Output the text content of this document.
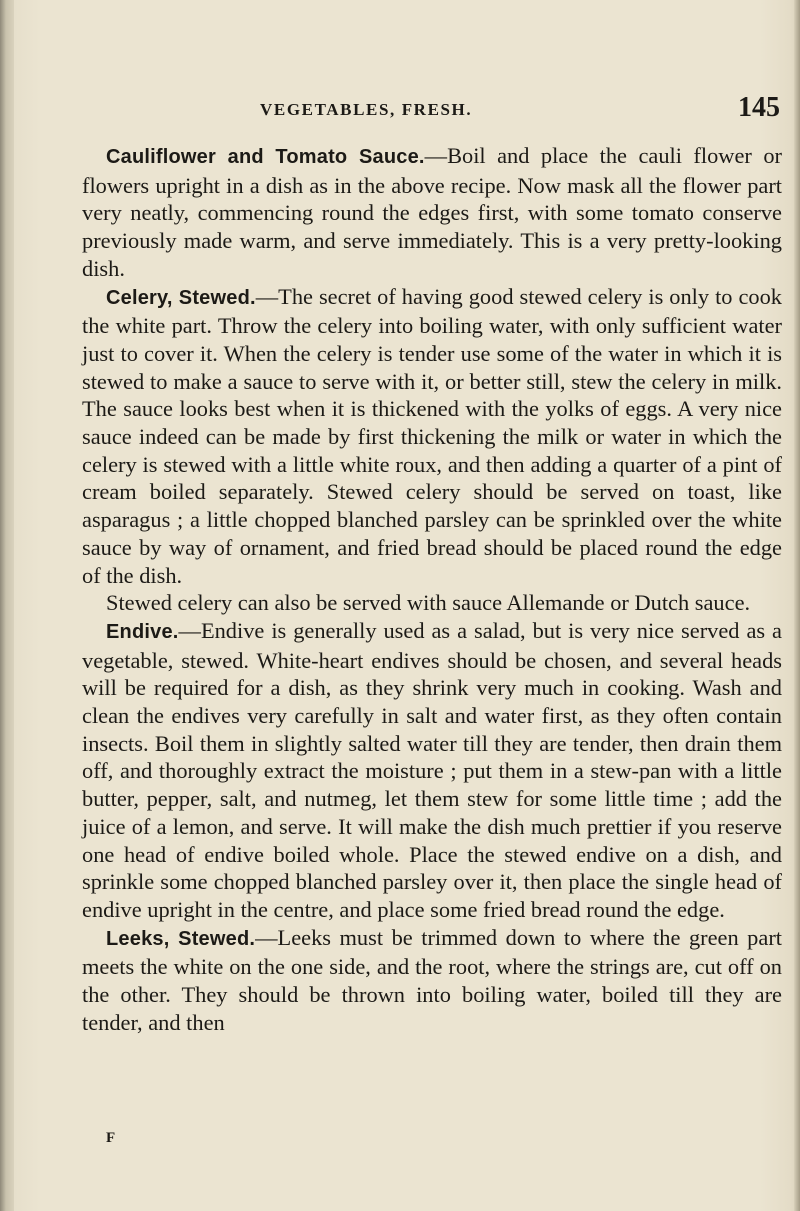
VEGETABLES, FRESH.	145

Cauliflower and Tomato Sauce.—Boil and place the cauli flower or flowers upright in a dish as in the above recipe. Now mask all the flower part very neatly, commencing round the edges first, with some tomato conserve previously made warm, and serve immediately. This is a very pretty-looking dish.

Celery, Stewed.—The secret of having good stewed celery is only to cook the white part. Throw the celery into boiling water, with only sufficient water just to cover it. When the celery is tender use some of the water in which it is stewed to make a sauce to serve with it, or better still, stew the celery in milk. The sauce looks best when it is thickened with the yolks of eggs. A very nice sauce indeed can be made by first thickening the milk or water in which the celery is stewed with a little white roux, and then adding a quarter of a pint of cream boiled separately. Stewed celery should be served on toast, like asparagus ; a little chopped blanched parsley can be sprinkled over the white sauce by way of ornament, and fried bread should be placed round the edge of the dish.

Stewed celery can also be served with sauce Allemande or Dutch sauce.

Endive.—Endive is generally used as a salad, but is very nice served as a vegetable, stewed. White-heart endives should be chosen, and several heads will be required for a dish, as they shrink very much in cooking. Wash and clean the endives very carefully in salt and water first, as they often contain insects. Boil them in slightly salted water till they are tender, then drain them off, and thoroughly extract the moisture ; put them in a stew-pan with a little butter, pepper, salt, and nutmeg, let them stew for some little time ; add the juice of a lemon, and serve. It will make the dish much prettier if you reserve one head of endive boiled whole. Place the stewed endive on a dish, and sprinkle some chopped blanched parsley over it, then place the single head of endive upright in the centre, and place some fried bread round the edge.

Leeks, Stewed.—Leeks must be trimmed down to where the green part meets the white on the one side, and the root, where the strings are, cut off on the other. They should be thrown into boiling water, boiled till they are tender, and then

F
